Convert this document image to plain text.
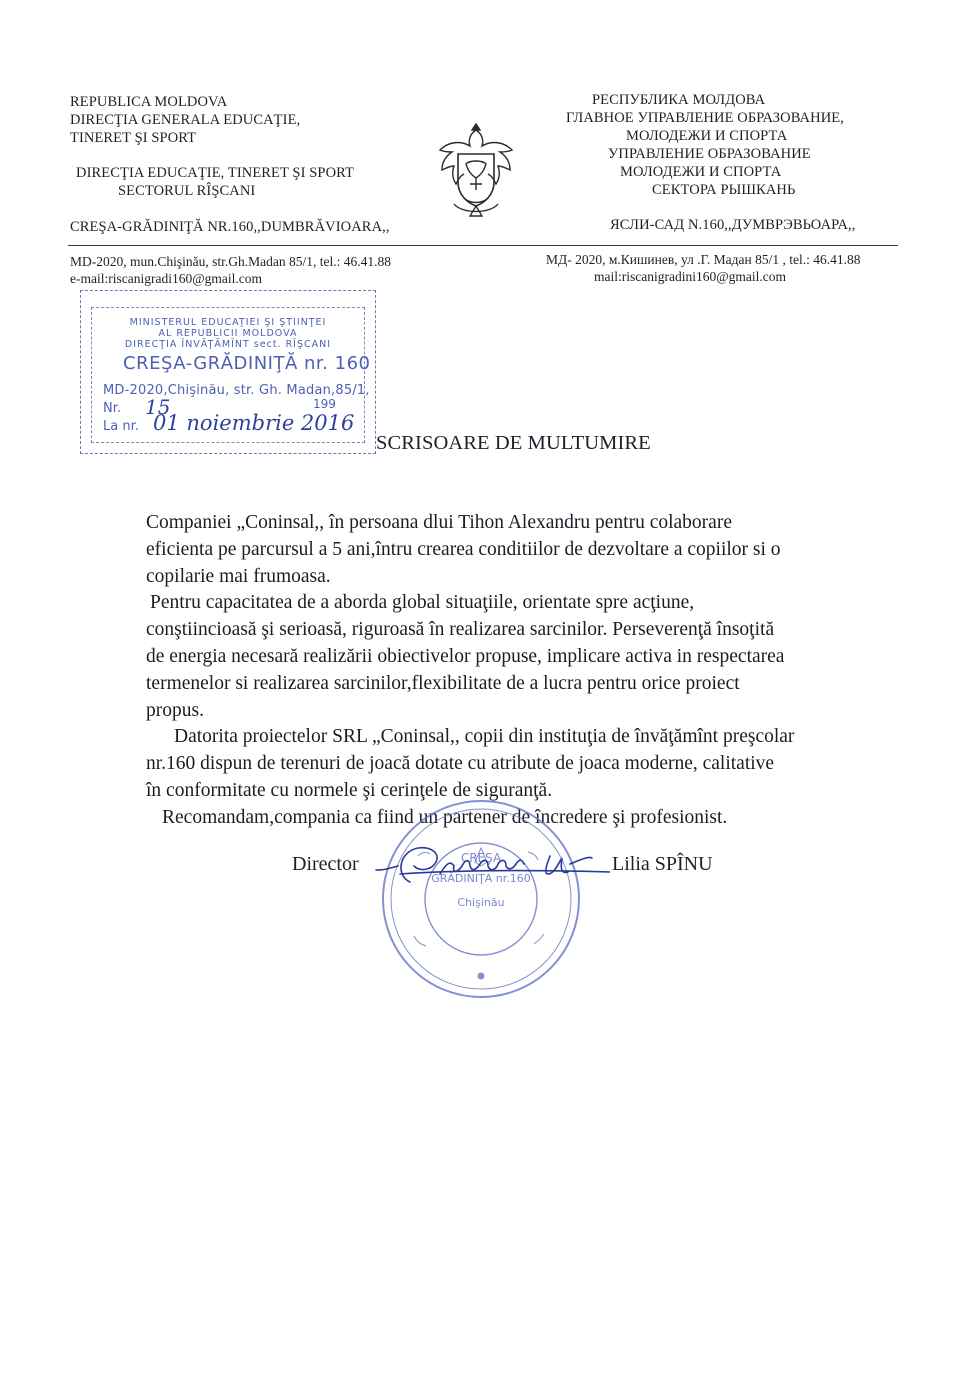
REPUBLICA MOLDOVA
DIRECŢIA GENERALA EDUCAŢIE,
TINERET ŞI SPORT
DIRECŢIA EDUCAŢIE, TINERET ŞI SPORT
SECTORUL RÎŞCANI
CREŞA-GRĂDINIŢĂ NR.160,,DUMBRĂVIOARA,,
РЕСПУБЛИКА МОЛДОВА
ГЛАВНОЕ УПРАВЛЕНИЕ ОБРАЗОВАНИЕ,
МОЛОДЕЖИ И СПОРТА
УПРАВЛЕНИЕ ОБРАЗОВАНИЕ
МОЛОДЕЖИ И СПОРТА
СЕКТОРА РЫШКАНЬ
ЯСЛИ-САД N.160,,ДУМВРЭВЬОАРА,,
MD-2020, mun.Chişinău, str.Gh.Madan 85/1, tel.: 46.41.88
e-mail:riscanigradi160@gmail.com
МД- 2020, м.Кишинев, ул .Г. Мадан 85/1 , tel.: 46.41.88
mail:riscanigradini160@gmail.com
MINISTERUL EDUCAŢIEI ŞI ŞTIINŢEI
AL REPUBLICII MOLDOVA
DIRECŢIA ÎNVĂŢĂMÎNT sect. RÎŞCANI
CREŞA-GRĂDINIŢĂ nr. 160
MD-2020,Chişinău, str. Gh. Madan,85/1,
Nr. 15	199
La nr. 01 noiembrie 2016
SCRISOARE DE MULTUMIRE

Companiei „Coninsal,, în persoana dlui Tihon Alexandru pentru colaborare

eficienta pe parcursul a 5 ani,întru crearea conditiilor de dezvoltare a copiilor si o

copilarie mai frumoasa.

Pentru capacitatea de a aborda global situaţiile, orientate spre acţiune,

conştiincioasă şi serioasă, riguroasă în realizarea sarcinilor. Perseverenţă însoţită

de energia necesară realizării obiectivelor propuse, implicare activa in respectarea

termenelor si realizarea sarcinilor,flexibilitate de a lucra pentru orice proiect

propus.

Datorita proiectelor SRL „Coninsal,, copii din instituţia de învăţămînt preşcolar

nr.160 dispun de terenuri de joacă dotate cu atribute de joaca moderne, calitative

în conformitate cu normele şi cerinţele de siguranţă.

Recomandam,compania ca fiind un partener de încredere şi profesionist.

CREŞA
GRĂDINIŢA nr.160
Chişinău
Director	Lilia SPÎNU
